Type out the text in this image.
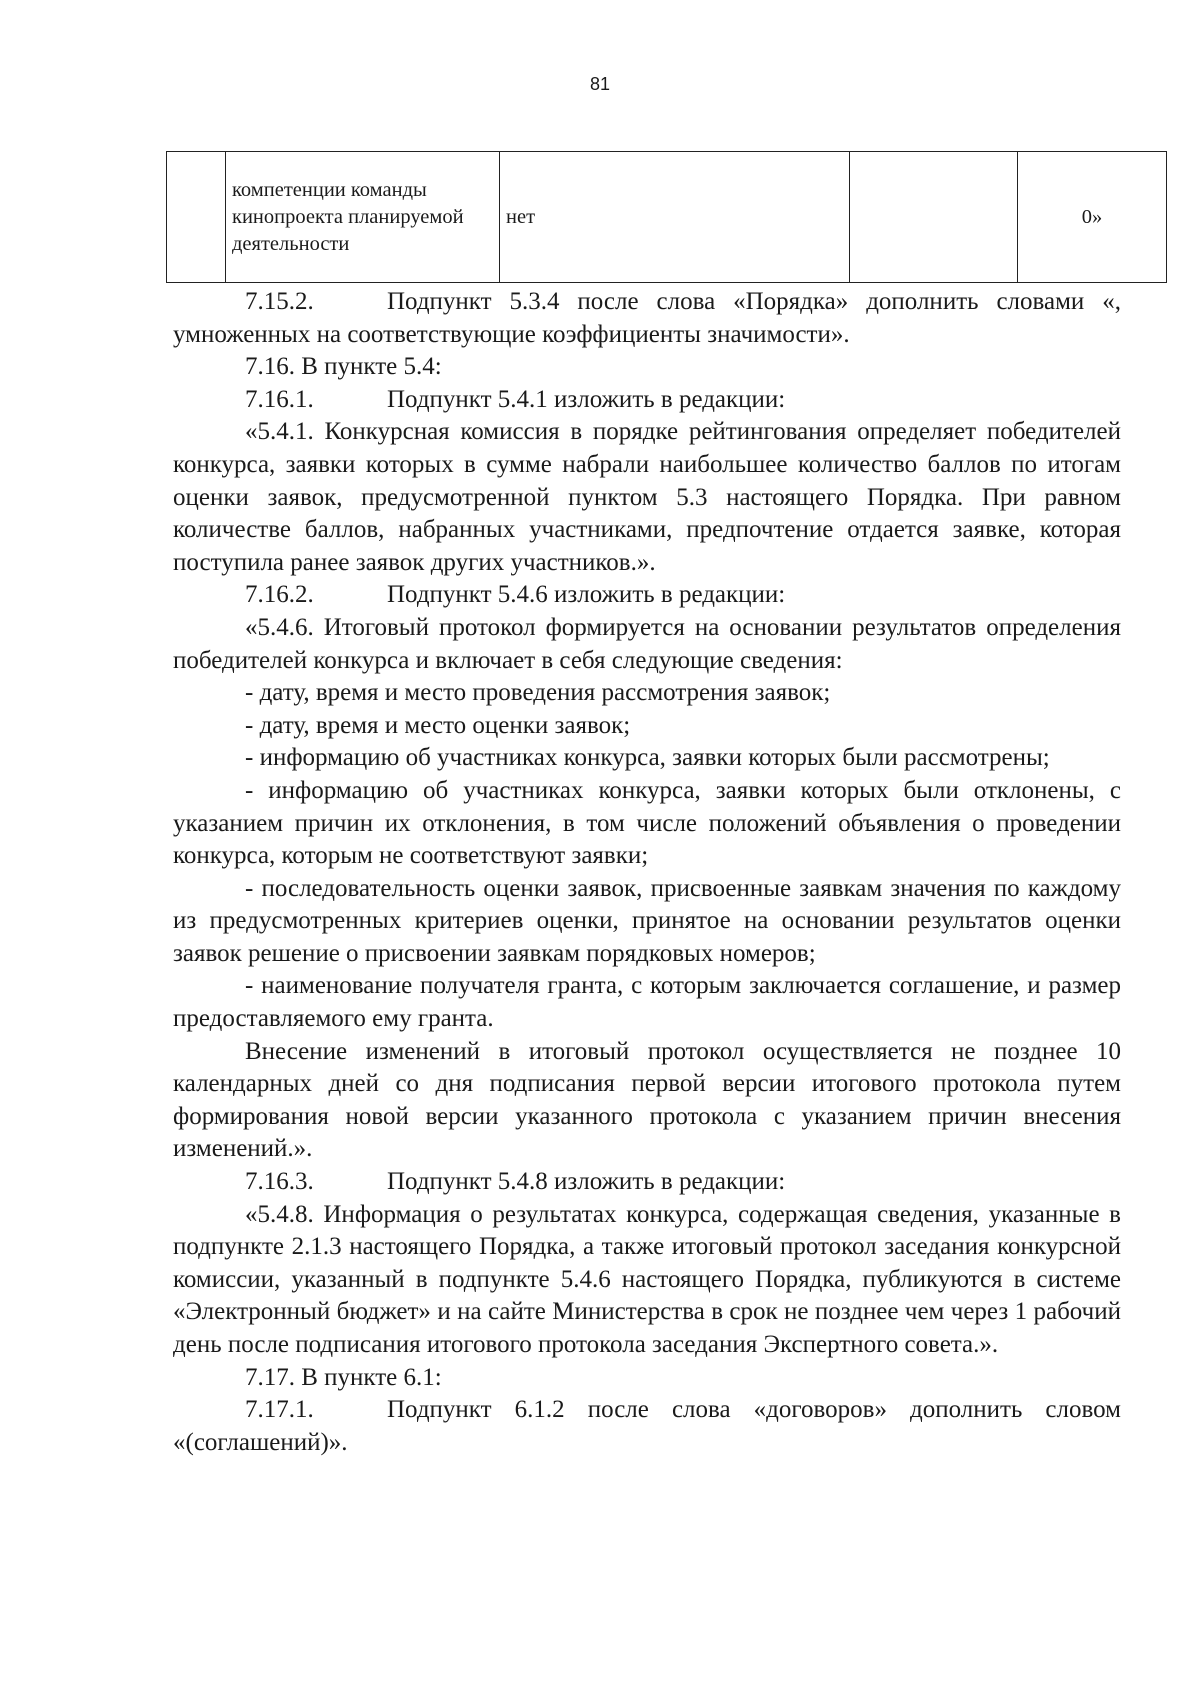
81
	компетенции команды кинопроекта планируемой деятельности	нет		0»

7.15.2.	Подпункт 5.3.4 после слова «Порядка» дополнить словами «, умноженных на соответствующие коэффициенты значимости».

7.16. В пункте 5.4:

7.16.1.	Подпункт 5.4.1 изложить в редакции:

«5.4.1. Конкурсная комиссия в порядке рейтингования определяет победителей конкурса, заявки которых в сумме набрали наибольшее количество баллов по итогам оценки заявок, предусмотренной пунктом 5.3 настоящего Порядка. При равном количестве баллов, набранных участниками, предпочтение отдается заявке, которая поступила ранее заявок других участников.».

7.16.2.	Подпункт 5.4.6 изложить в редакции:

«5.4.6. Итоговый протокол формируется на основании результатов определения победителей конкурса и включает в себя следующие сведения:

- дату, время и место проведения рассмотрения заявок;

- дату, время и место оценки заявок;

- информацию об участниках конкурса, заявки которых были рассмотрены;

- информацию об участниках конкурса, заявки которых были отклонены, с указанием причин их отклонения, в том числе положений объявления о проведении конкурса, которым не соответствуют заявки;

- последовательность оценки заявок, присвоенные заявкам значения по каждому из предусмотренных критериев оценки, принятое на основании результатов оценки заявок решение о присвоении заявкам порядковых номеров;

- наименование получателя гранта, с которым заключается соглашение, и размер предоставляемого ему гранта.

Внесение изменений в итоговый протокол осуществляется не позднее 10 календарных дней со дня подписания первой версии итогового протокола путем формирования новой версии указанного протокола с указанием причин внесения изменений.».

7.16.3.	Подпункт 5.4.8 изложить в редакции:

«5.4.8. Информация о результатах конкурса, содержащая сведения, указанные в подпункте 2.1.3 настоящего Порядка, а также итоговый протокол заседания конкурсной комиссии, указанный в подпункте 5.4.6 настоящего Порядка, публикуются в системе «Электронный бюджет» и на сайте Министерства в срок не позднее чем через 1 рабочий день после подписания итогового протокола заседания Экспертного совета.».

7.17. В пункте 6.1:

7.17.1.	Подпункт 6.1.2 после слова «договоров» дополнить словом «(соглашений)».
